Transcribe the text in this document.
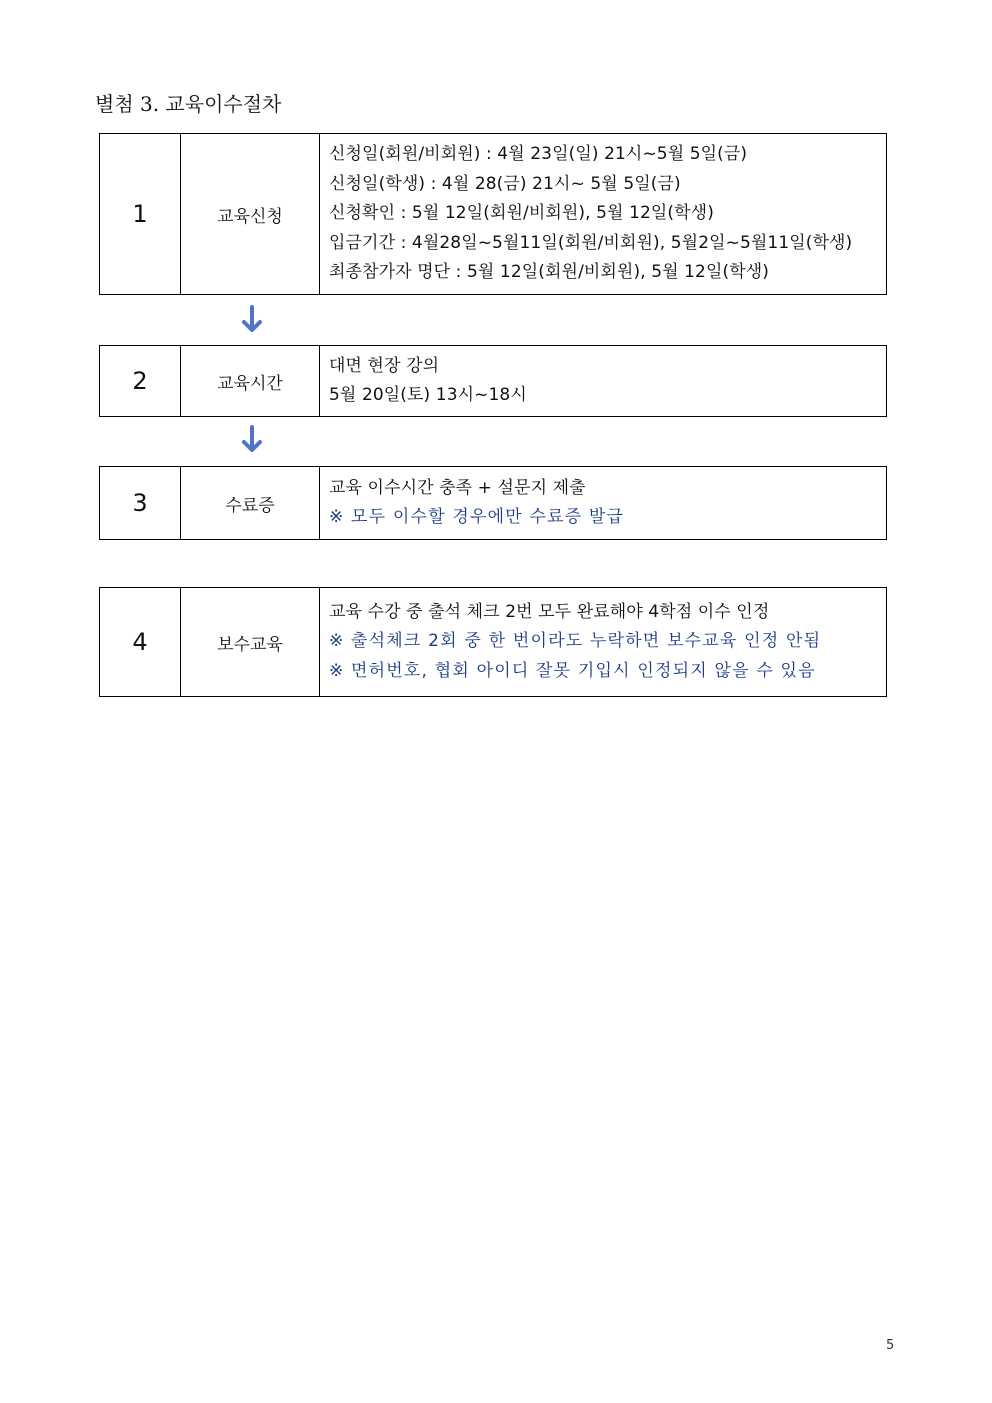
별첨 3. 교육이수절차
1	교육신청	
신청일(회원/비회원) : 4월 23일(일) 21시~5월 5일(금)
신청일(학생) : 4월 28(금) 21시~ 5월 5일(금)
신청확인 : 5월 12일(회원/비회원), 5월 12일(학생)
입금기간 : 4월28일~5월11일(회원/비회원), 5월2일~5월11일(학생)
최종참가자 명단 : 5월 12일(회원/비회원), 5월 12일(학생)
2	교육시간	
대면 현장 강의
5월 20일(토) 13시~18시
3	수료증	
교육 이수시간 충족 + 설문지 제출
※ 모두 이수할 경우에만 수료증 발급
4	보수교육	
교육 수강 중 출석 체크 2번 모두 완료해야 4학점 이수 인정
※ 출석체크 2회 중 한 번이라도 누락하면 보수교육 인정 안됨
※ 면허번호, 협회 아이디 잘못 기입시 인정되지 않을 수 있음
5
